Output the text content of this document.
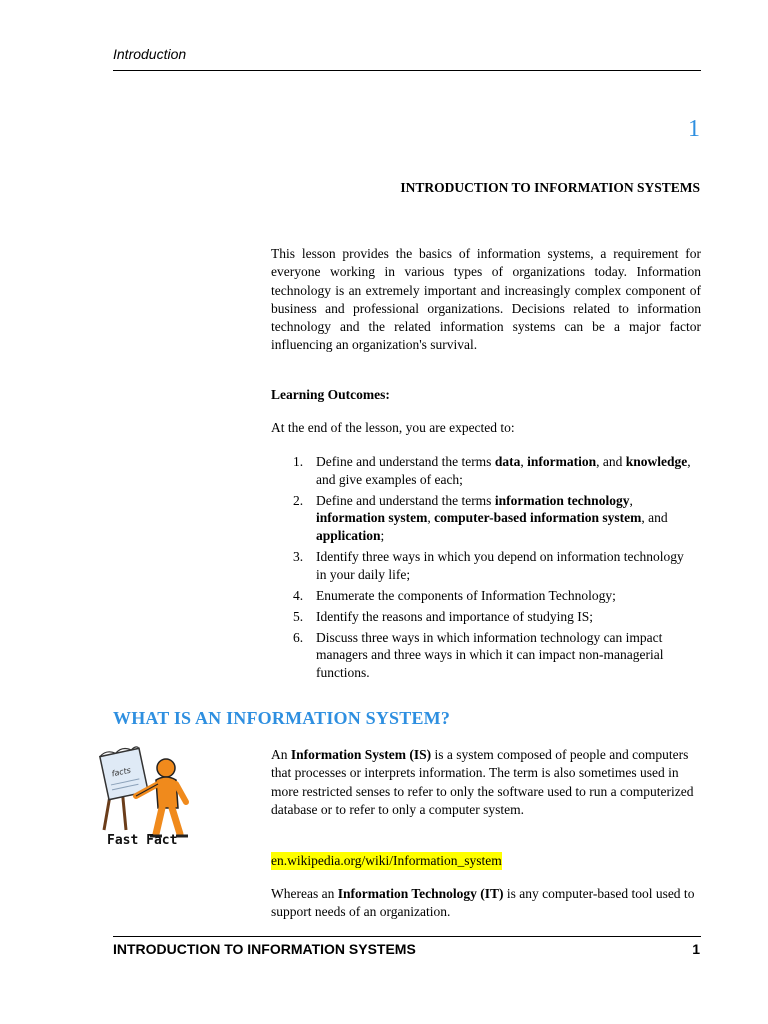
Introduction
1
INTRODUCTION TO INFORMATION SYSTEMS
This lesson provides the basics of information systems, a requirement for everyone working in various types of organizations today. Information technology is an extremely important and increasingly complex component of business and professional organizations. Decisions related to information technology and the related information systems can be a major factor influencing an organization's survival.
Learning Outcomes:
At the end of the lesson, you are expected to:
1. Define and understand the terms data, information, and knowledge, and give examples of each;
2. Define and understand the terms information technology, information system, computer-based information system, and application;
3. Identify three ways in which you depend on information technology in your daily life;
4. Enumerate the components of Information Technology;
5. Identify the reasons and importance of studying IS;
6. Discuss three ways in which information technology can impact managers and three ways in which it can impact non-managerial functions.
WHAT IS AN INFORMATION SYSTEM?
facts
Fast Fact
An Information System (IS) is a system composed of people and computers that processes or interprets information. The term is also sometimes used in more restricted senses to refer to only the software used to run a computerized database or to refer to only a computer system.
en.wikipedia.org/wiki/Information_system
Whereas an Information Technology (IT) is any computer-based tool used to support needs of an organization.
INTRODUCTION TO INFORMATION SYSTEMS	1
